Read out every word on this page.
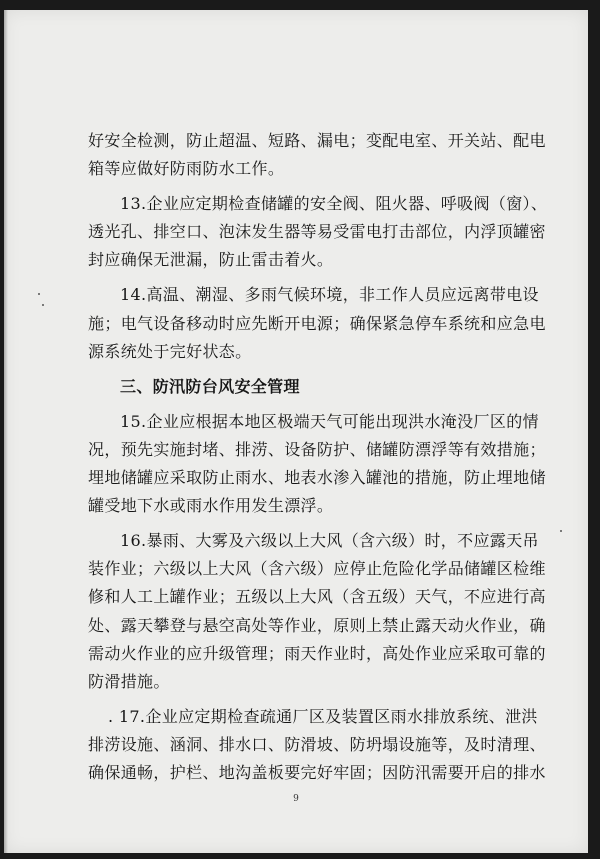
好安全检测，防止超温、短路、漏电；变配电室、开关站、配电
箱等应做好防雨防水工作。
13.企业应定期检查储罐的安全阀、阻火器、呼吸阀（窗）、
透光孔、排空口、泡沫发生器等易受雷电打击部位，内浮顶罐密
封应确保无泄漏，防止雷击着火。
14.高温、潮湿、多雨气候环境，非工作人员应远离带电设
施；电气设备移动时应先断开电源；确保紧急停车系统和应急电
源系统处于完好状态。
三、防汛防台风安全管理
15.企业应根据本地区极端天气可能出现洪水淹没厂区的情
况，预先实施封堵、排涝、设备防护、储罐防漂浮等有效措施；
埋地储罐应采取防止雨水、地表水渗入罐池的措施，防止埋地储
罐受地下水或雨水作用发生漂浮。
16.暴雨、大雾及六级以上大风（含六级）时，不应露天吊
装作业；六级以上大风（含六级）应停止危险化学品储罐区检维
修和人工上罐作业；五级以上大风（含五级）天气，不应进行高
处、露天攀登与悬空高处等作业，原则上禁止露天动火作业，确
需动火作业的应升级管理；雨天作业时，高处作业应采取可靠的
防滑措施。
. 17.企业应定期检查疏通厂区及装置区雨水排放系统、泄洪
排涝设施、涵洞、排水口、防滑坡、防坍塌设施等，及时清理、
确保通畅，护栏、地沟盖板要完好牢固；因防汛需要开启的排水
9
